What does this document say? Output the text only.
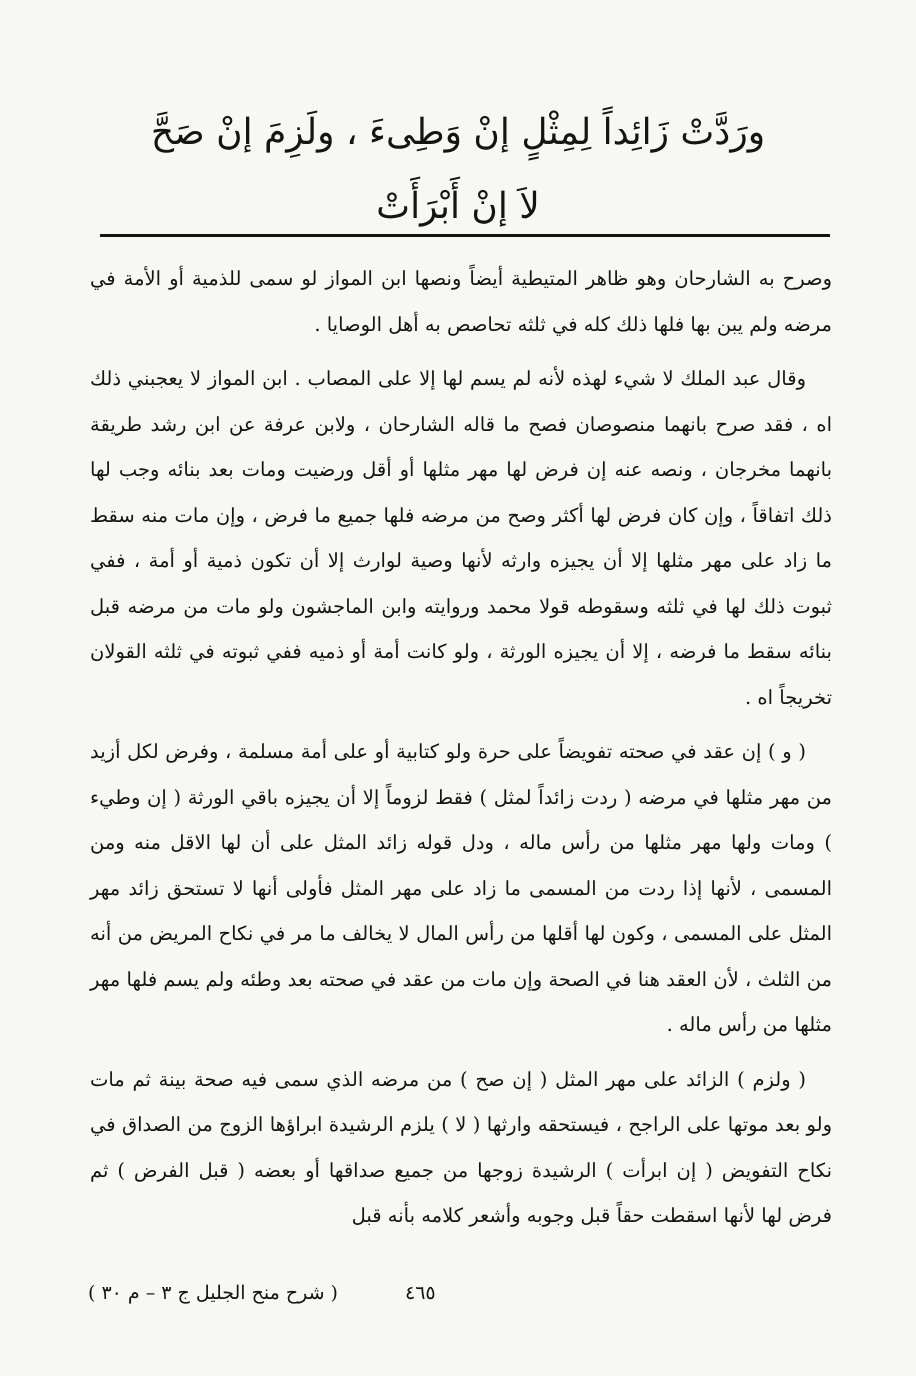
ورَدَّتْ زَائِداً لِمِثْلٍ إنْ وَطِىءَ ، ولَزِمَ إنْ صَحَّ
لاَ إنْ أَبْرَأَتْ

وصرح به الشارحان وهو ظاهر المتيطية أيضاً ونصها ابن المواز لو سمى للذمية أو الأمة في مرضه ولم يبن بها فلها ذلك كله في ثلثه تحاصص به أهل الوصايا .

وقال عبد الملك لا شيء لهذه لأنه لم يسم لها إلا على المصاب . ابن المواز لا يعجبني ذلك اه ، فقد صرح بانهما منصوصان فصح ما قاله الشارحان ، ولابن عرفة عن ابن رشد طريقة بانهما مخرجان ، ونصه عنه إن فرض لها مهر مثلها أو أقل ورضيت ومات بعد بنائه وجب لها ذلك اتفاقاً ، وإن كان فرض لها أكثر وصح من مرضه فلها جميع ما فرض ، وإن مات منه سقط ما زاد على مهر مثلها إلا أن يجيزه وارثه لأنها وصية لوارث إلا أن تكون ذمية أو أمة ، ففي ثبوت ذلك لها في ثلثه وسقوطه قولا محمد وروايته وابن الماجشون ولو مات من مرضه قبل بنائه سقط ما فرضه ، إلا أن يجيزه الورثة ، ولو كانت أمة أو ذميه ففي ثبوته في ثلثه القولان تخريجاً اه .

( و ) إن عقد في صحته تفويضاً على حرة ولو كتابية أو على أمة مسلمة ، وفرض لكل أزيد من مهر مثلها في مرضه ( ردت زائداً لمثل ) فقط لزوماً إلا أن يجيزه باقي الورثة ( إن وطيء ) ومات ولها مهر مثلها من رأس ماله ، ودل قوله زائد المثل على أن لها الاقل منه ومن المسمى ، لأنها إذا ردت من المسمى ما زاد على مهر المثل فأولى أنها لا تستحق زائد مهر المثل على المسمى ، وكون لها أقلها من رأس المال لا يخالف ما مر في نكاح المريض من أنه من الثلث ، لأن العقد هنا في الصحة وإن مات من عقد في صحته بعد وطئه ولم يسم فلها مهر مثلها من رأس ماله .

( ولزم ) الزائد على مهر المثل ( إن صح ) من مرضه الذي سمى فيه صحة بينة ثم مات ولو بعد موتها على الراجح ، فيستحقه وارثها ( لا ) يلزم الرشيدة ابراؤها الزوج من الصداق في نكاح التفويض ( إن ابرأت ) الرشيدة زوجها من جميع صداقها أو بعضه ( قبل الفرض ) ثم فرض لها لأنها اسقطت حقاً قبل وجوبه وأشعر كلامه بأنه قبل

٤٦٥
( شرح منح الجليل ج ٣ – م ٣٠ )
